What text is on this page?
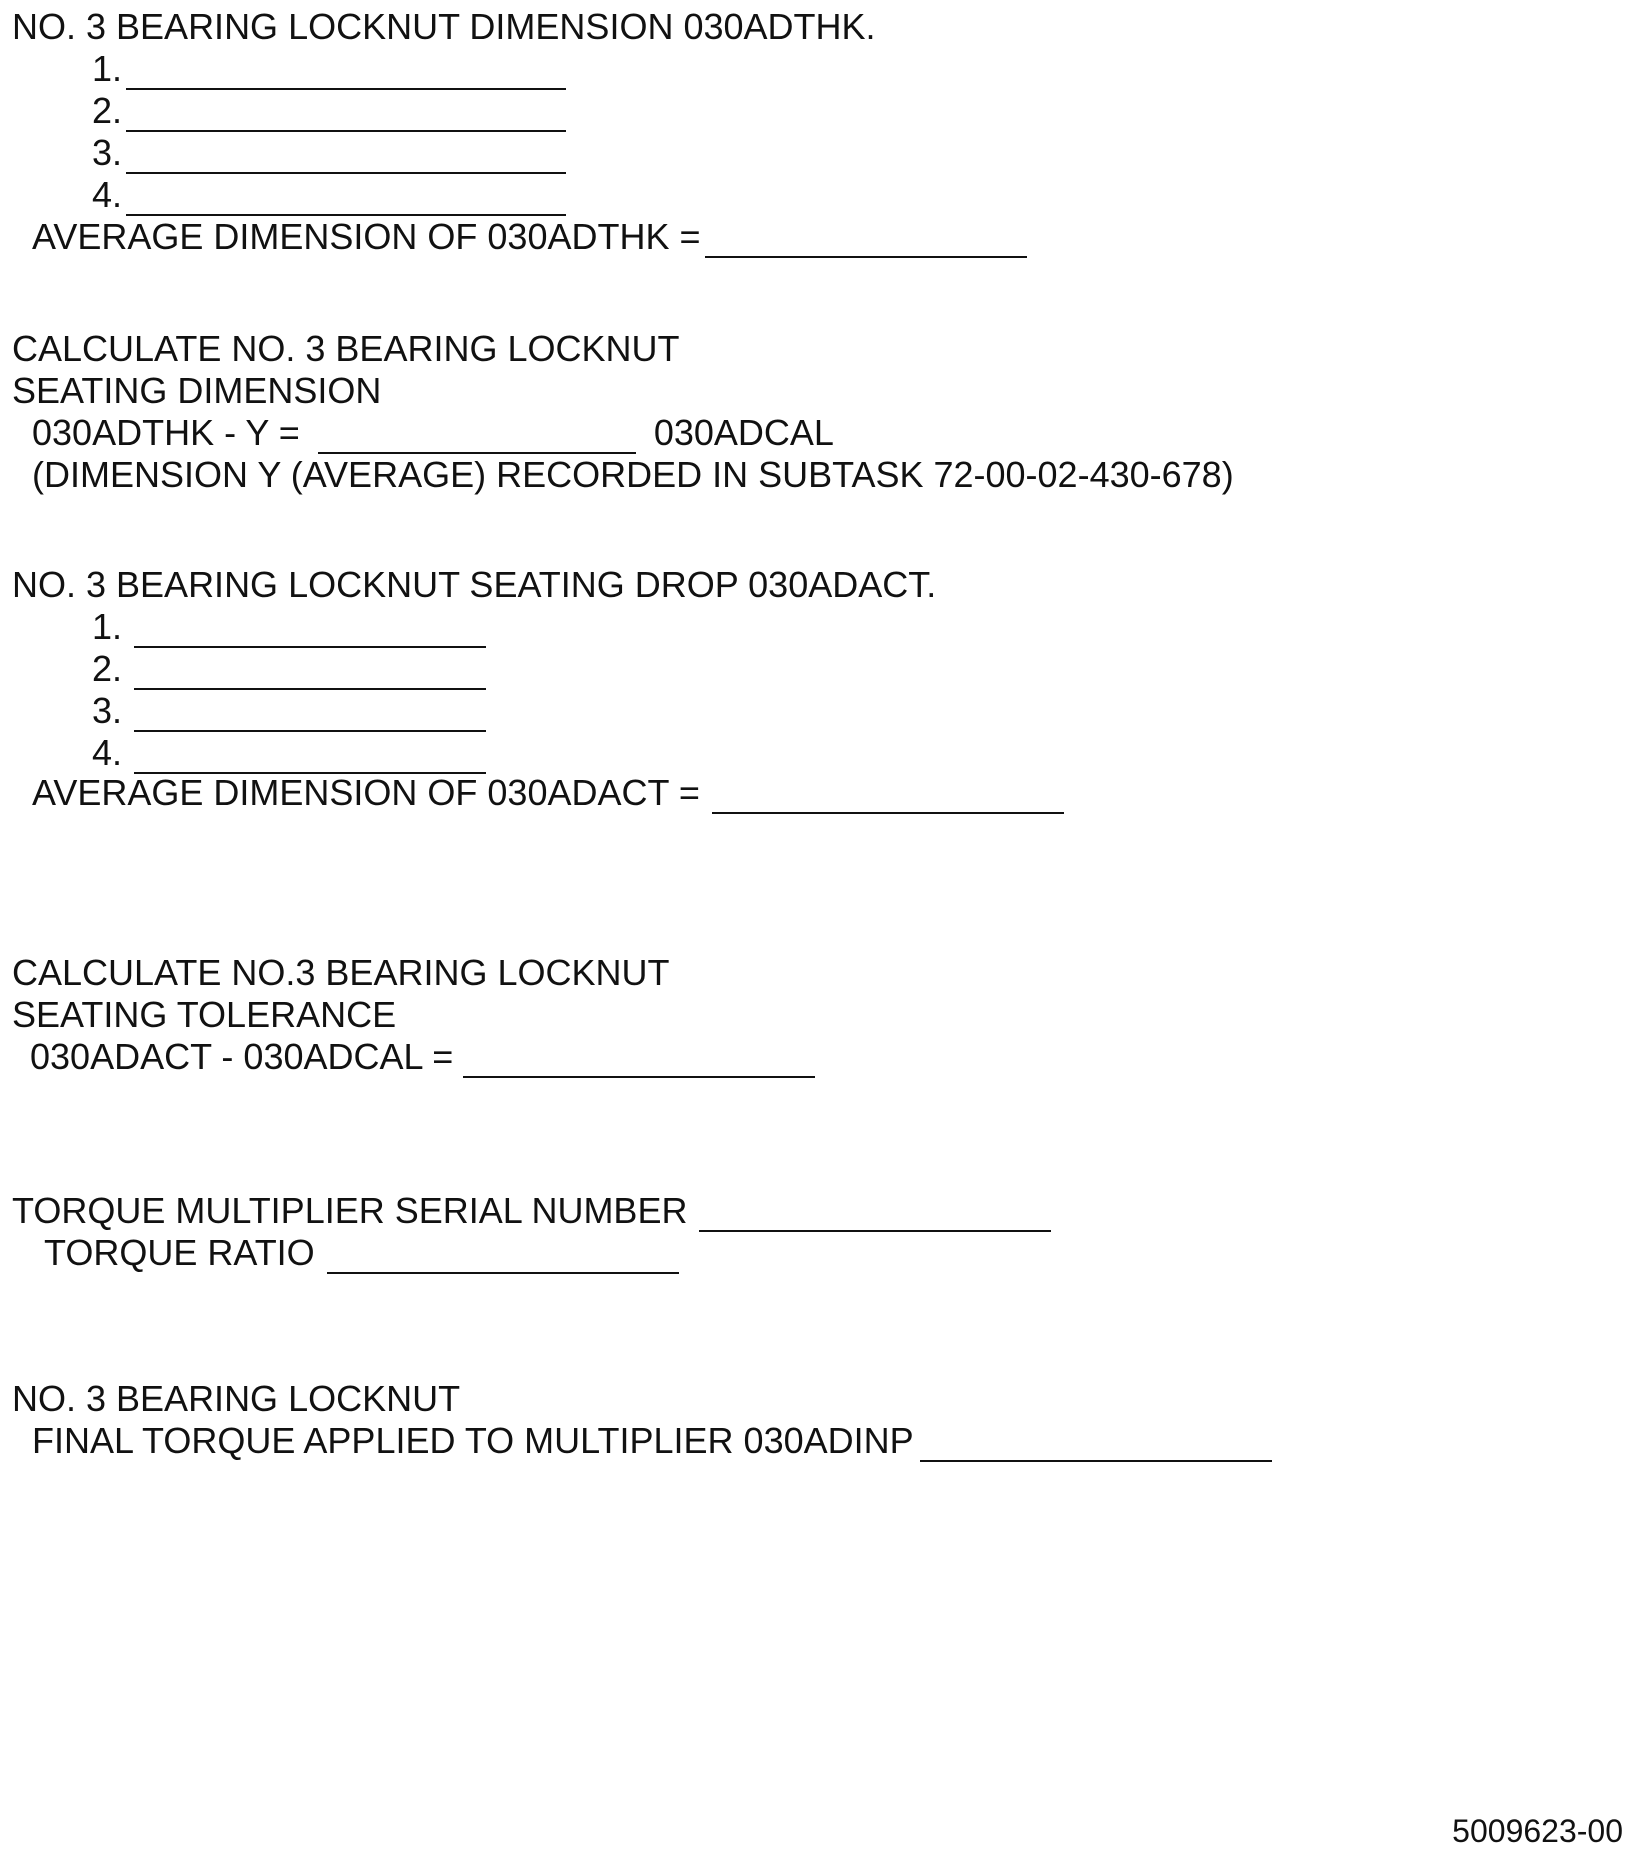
NO. 3 BEARING LOCKNUT DIMENSION 030ADTHK.
1.
2.
3.
4.
AVERAGE DIMENSION OF 030ADTHK =
CALCULATE NO. 3 BEARING LOCKNUT
SEATING DIMENSION
030ADTHK - Y =	030ADCAL
(DIMENSION Y (AVERAGE) RECORDED IN SUBTASK 72-00-02-430-678)
NO. 3 BEARING LOCKNUT SEATING DROP 030ADACT.
1.
2.
3.
4.
AVERAGE DIMENSION OF 030ADACT =
CALCULATE NO.3 BEARING LOCKNUT
SEATING TOLERANCE
030ADACT - 030ADCAL =
TORQUE MULTIPLIER SERIAL NUMBER
TORQUE RATIO
NO. 3 BEARING LOCKNUT
FINAL TORQUE APPLIED TO MULTIPLIER 030ADINP
5009623-00
